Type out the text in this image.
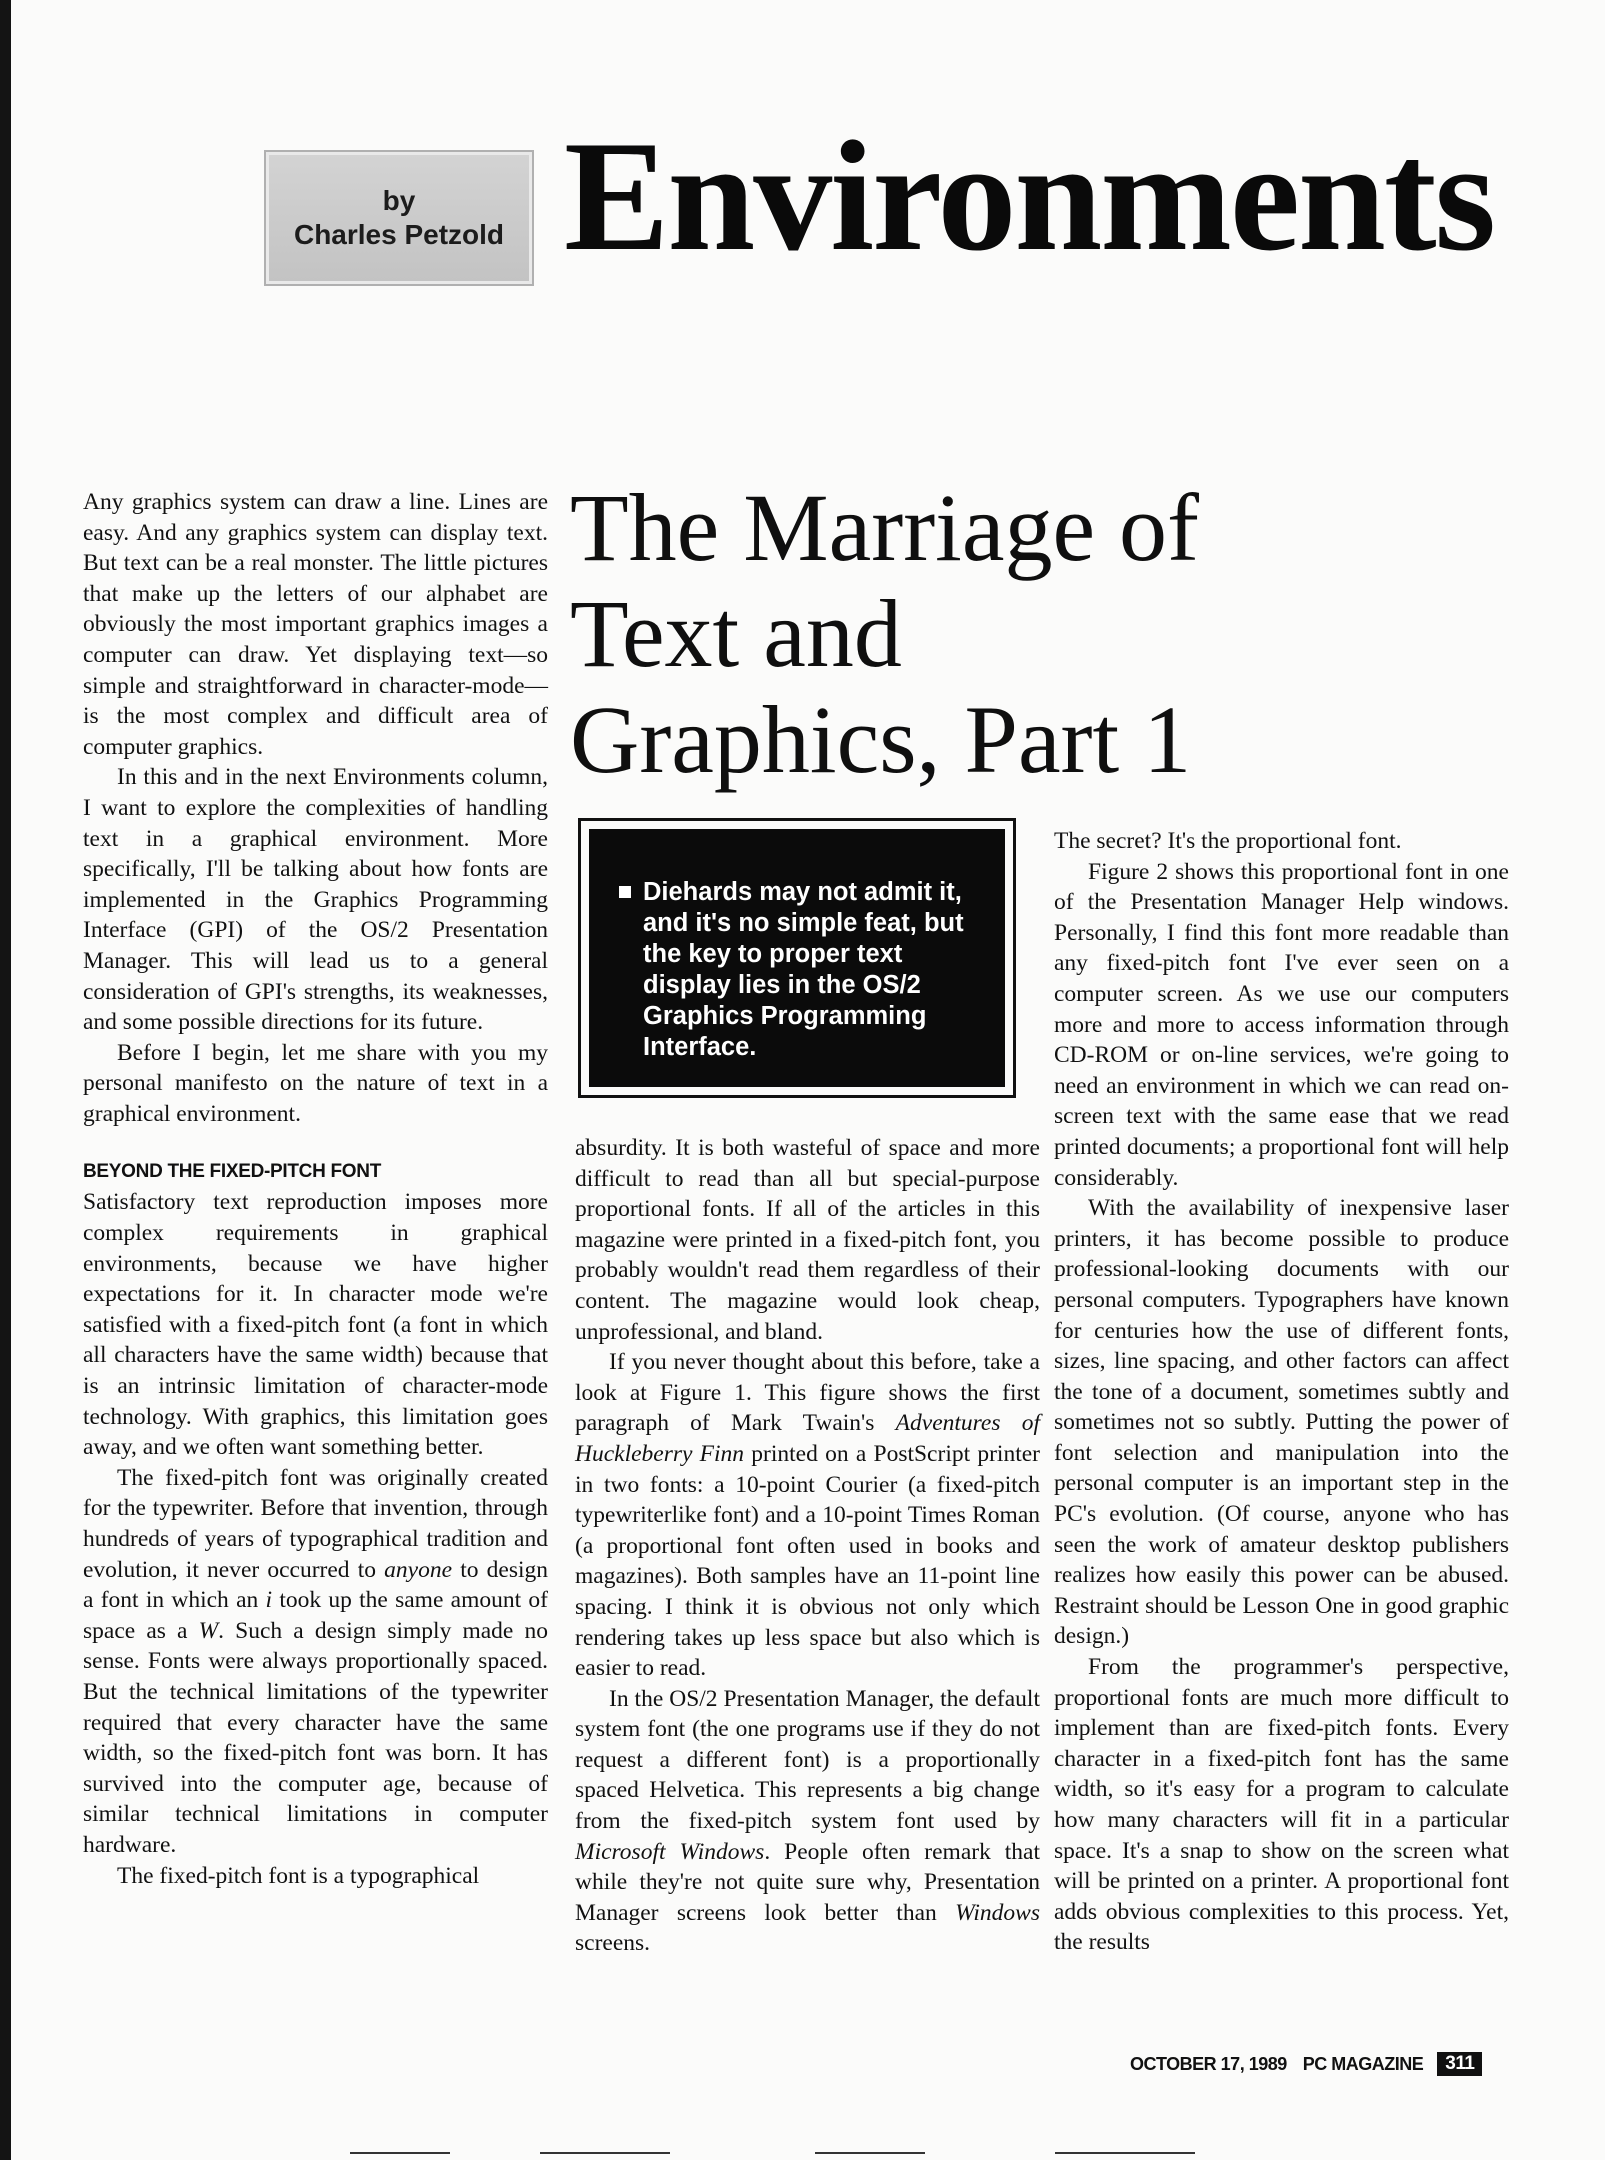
by
Charles Petzold Environments
The Marriage of Text and Graphics, Part 1

Any graphics system can draw a line. Lines are easy. And any graphics system can display text. But text can be a real monster. The little pictures that make up the letters of our alphabet are obviously the most important graphics images a computer can draw. Yet displaying text—so simple and straightforward in character-mode—is the most complex and difficult area of computer graphics.

In this and in the next Environments column, I want to explore the complexities of handling text in a graphical environment. More specifically, I'll be talking about how fonts are implemented in the Graphics Programming Interface (GPI) of the OS/2 Presentation Manager. This will lead us to a general consideration of GPI's strengths, its weaknesses, and some possible directions for its future.

Before I begin, let me share with you my personal manifesto on the nature of text in a graphical environment.

BEYOND THE FIXED-PITCH FONT

Satisfactory text reproduction imposes more complex requirements in graphical environments, because we have higher expectations for it. In character mode we're satisfied with a fixed-pitch font (a font in which all characters have the same width) because that is an intrinsic limitation of character-mode technology. With graphics, this limitation goes away, and we often want something better.

The fixed-pitch font was originally created for the typewriter. Before that invention, through hundreds of years of typographical tradition and evolution, it never occurred to anyone to design a font in which an i took up the same amount of space as a W. Such a design simply made no sense. Fonts were always proportionally spaced. But the technical limitations of the typewriter required that every character have the same width, so the fixed-pitch font was born. It has survived into the computer age, because of similar technical limitations in computer hardware.

The fixed-pitch font is a typographical

Diehards may not admit it, and it's no simple feat, but the key to proper text display lies in the OS/2 Graphics Programming Interface.

absurdity. It is both wasteful of space and more difficult to read than all but special-purpose proportional fonts. If all of the articles in this magazine were printed in a fixed-pitch font, you probably wouldn't read them regardless of their content. The magazine would look cheap, unprofessional, and bland.

If you never thought about this before, take a look at Figure 1. This figure shows the first paragraph of Mark Twain's Adventures of Huckleberry Finn printed on a PostScript printer in two fonts: a 10-point Courier (a fixed-pitch typewriterlike font) and a 10-point Times Roman (a proportional font often used in books and magazines). Both samples have an 11-point line spacing. I think it is obvious not only which rendering takes up less space but also which is easier to read.

In the OS/2 Presentation Manager, the default system font (the one programs use if they do not request a different font) is a proportionally spaced Helvetica. This represents a big change from the fixed-pitch system font used by Microsoft Windows. People often remark that while they're not quite sure why, Presentation Manager screens look better than Windows screens.

The secret? It's the proportional font.

Figure 2 shows this proportional font in one of the Presentation Manager Help windows. Personally, I find this font more readable than any fixed-pitch font I've ever seen on a computer screen. As we use our computers more and more to access information through CD-ROM or on-line services, we're going to need an environment in which we can read on-screen text with the same ease that we read printed documents; a proportional font will help considerably.

With the availability of inexpensive laser printers, it has become possible to produce professional-looking documents with our personal computers. Typographers have known for centuries how the use of different fonts, sizes, line spacing, and other factors can affect the tone of a document, sometimes subtly and sometimes not so subtly. Putting the power of font selection and manipulation into the personal computer is an important step in the PC's evolution. (Of course, anyone who has seen the work of amateur desktop publishers realizes how easily this power can be abused. Restraint should be Lesson One in good graphic design.)

From the programmer's perspective, proportional fonts are much more difficult to implement than are fixed-pitch fonts. Every character in a fixed-pitch font has the same width, so it's easy for a program to calculate how many characters will fit in a particular space. It's a snap to show on the screen what will be printed on a printer. A proportional font adds obvious complexities to this process. Yet, the results

OCTOBER 17, 1989 PC MAGAZINE	311
